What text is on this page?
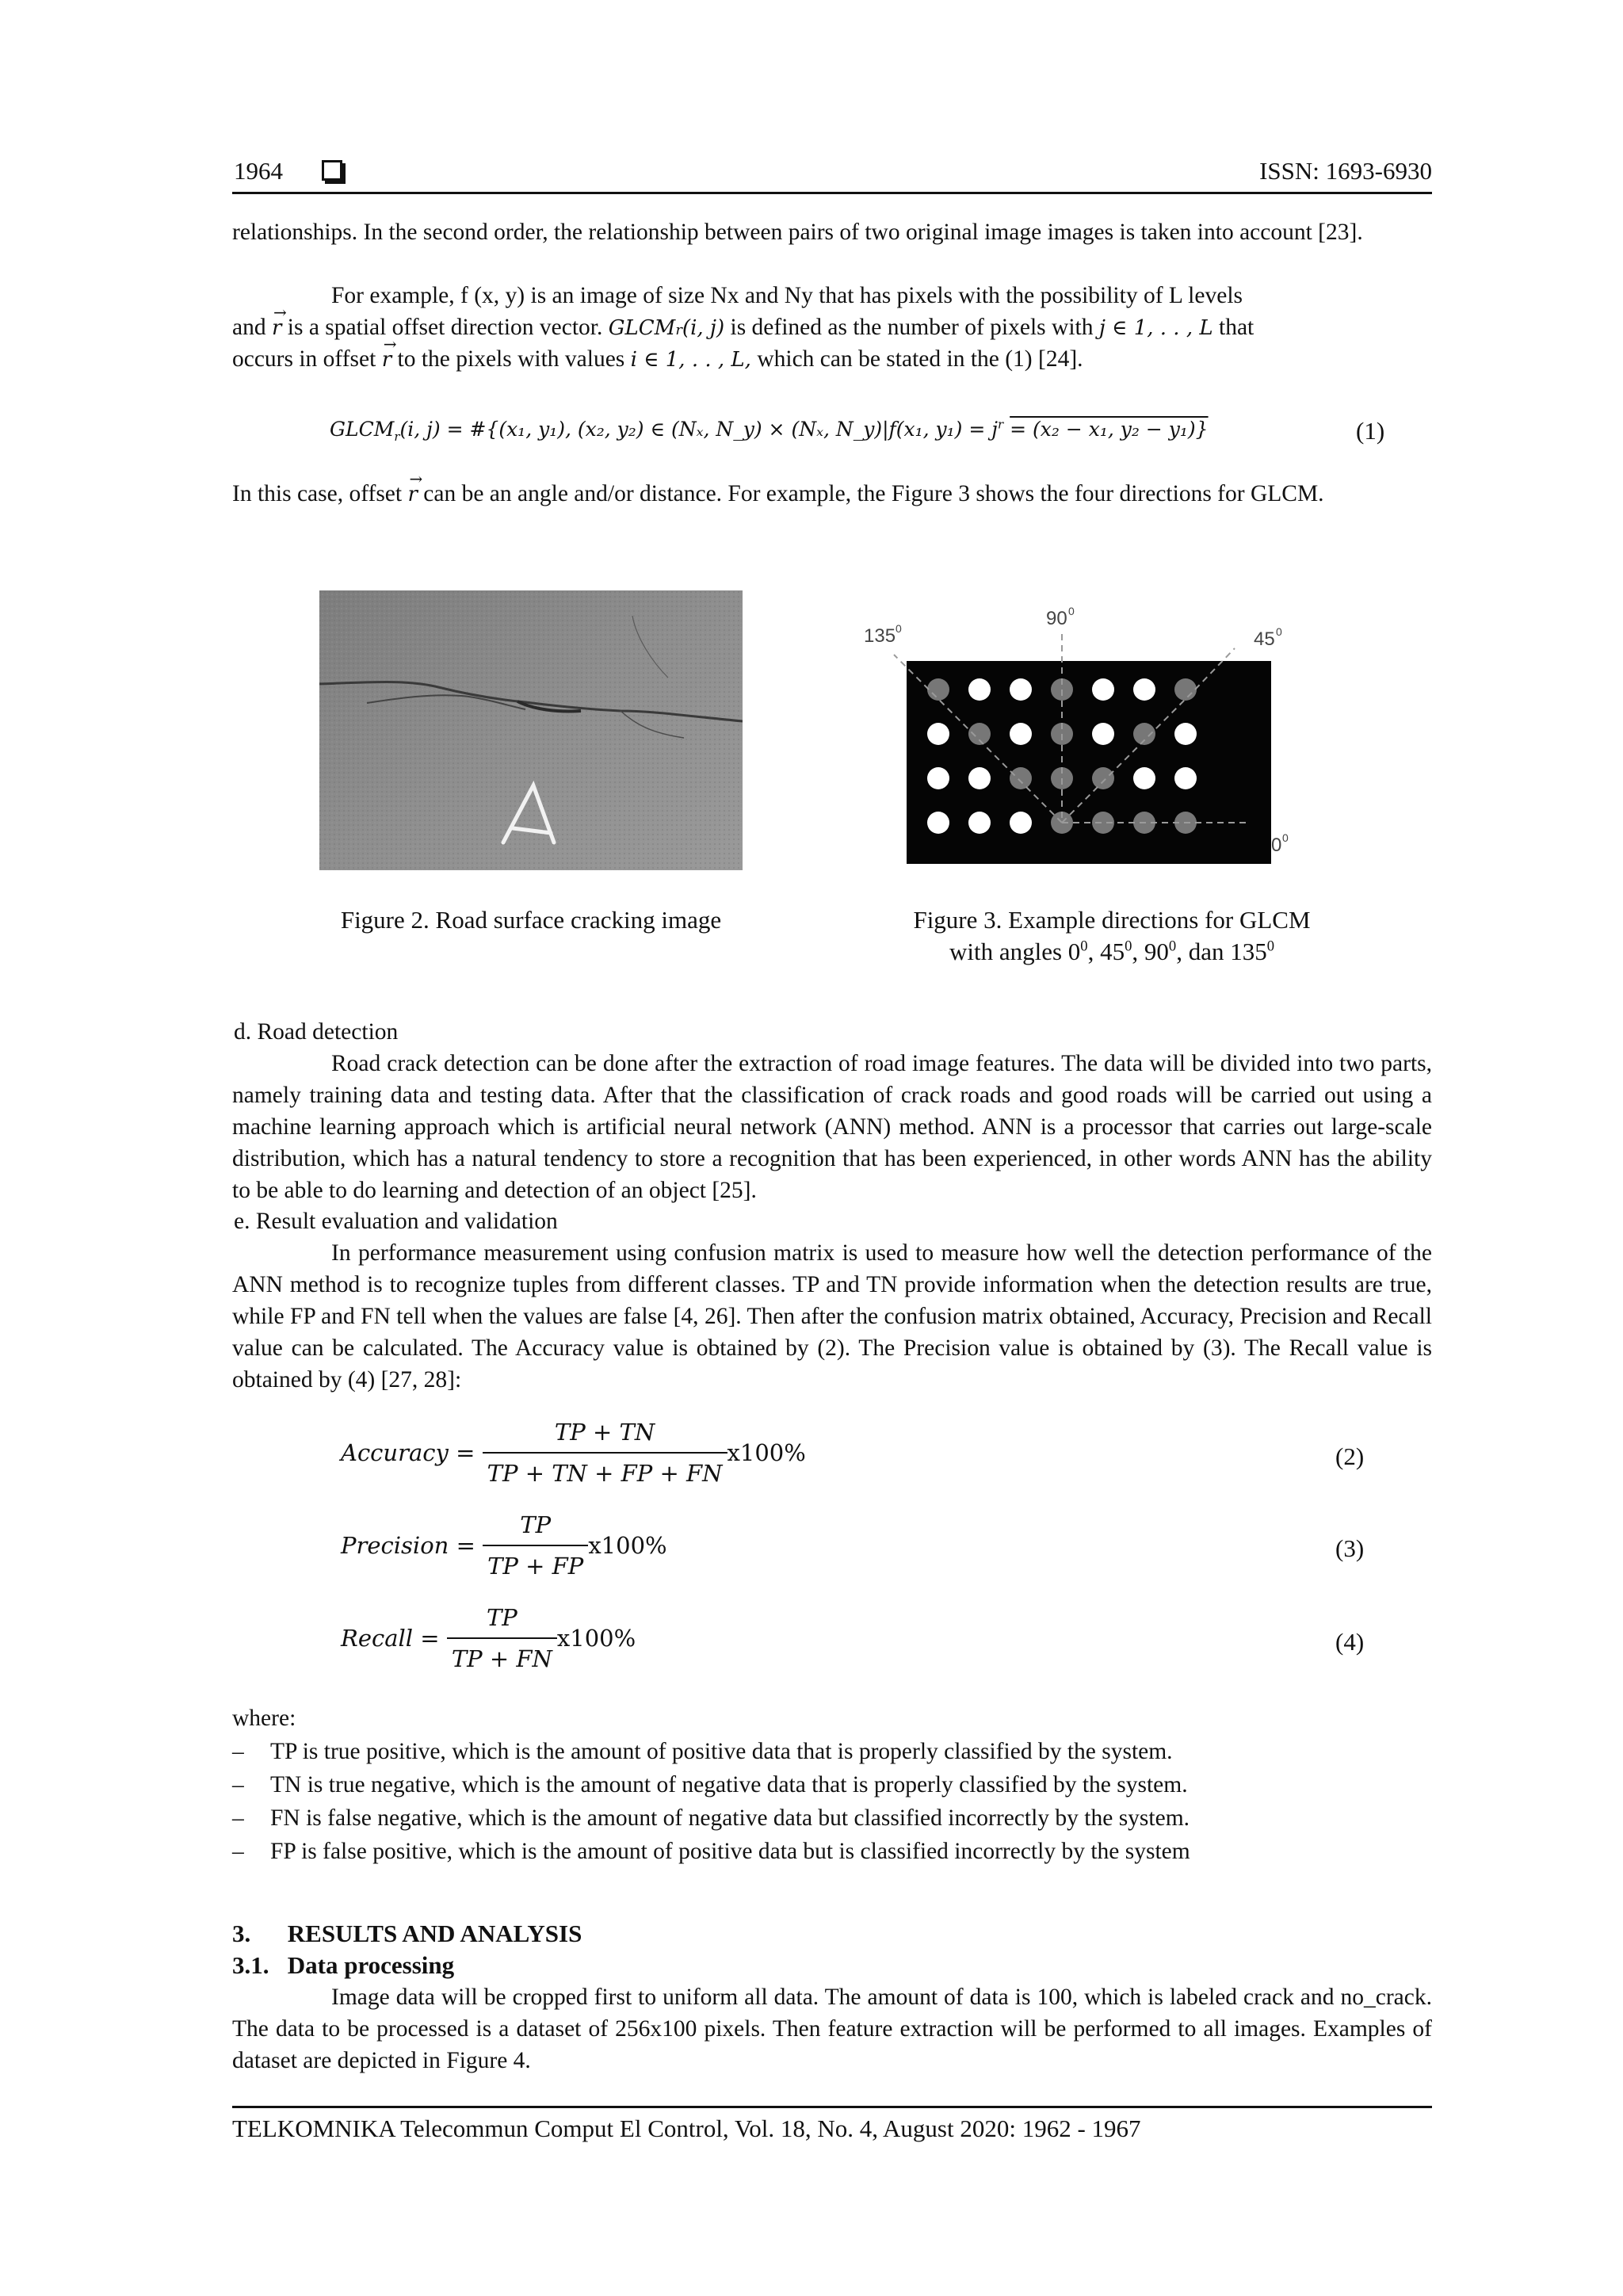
1964	ISSN: 1693-6930
relationships. In the second order, the relationship between pairs of two original image images is taken into account [23].
For example, f (x, y) is an image of size Nx and Ny that has pixels with the possibility of L levels
and r → is a spatial offset direction vector. GLCMr(i, j) is defined as the number of pixels with j ∈ 1, . . , L that
occurs in offset r → to the pixels with values i ∈ 1, . . , L, which can be stated in the (1) [24].
$GLCM_r(i$, j) = #{(x₁, y₁), (x₂, y₂) ∈ (Nₓ, N_y) × (Nₓ, N_y)|f(x₁, $y_1) = j^r = (x_2 - x_1$, y₂ − y₁)}	(1)
In this case, offset r → can be an angle and/or distance. For example, the Figure 3 shows the four directions for GLCM.
Figure 2. Road surface cracking image
90 0
135 0	45 0
0 0
Figure 3. Example directions for GLCM
with angles $0^0$, $45^0$, $90^0$, dan $135^0$
d. Road detection
Road crack detection can be done after the extraction of road image features. The data will be divided into two parts, namely training data and testing data. After that the classification of crack roads and good roads will be carried out using a machine learning approach which is artificial neural network (ANN) method. ANN is a processor that carries out large-scale distribution, which has a natural tendency to store a recognition that has been experienced, in other words ANN has the ability to be able to do learning and detection of an object [25].
e. Result evaluation and validation
In performance measurement using confusion matrix is used to measure how well the detection performance of the ANN method is to recognize tuples from different classes. TP and TN provide information when the detection results are true, while FP and FN tell when the values are false [4, 26]. Then after the confusion matrix obtained, Accuracy, Precision and Recall value can be calculated. The Accuracy value is obtained by (2). The Precision value is obtained by (3). The Recall value is obtained by (4) [27, 28]:
Accuracy = $\frac{TP + TN}{TP + TN + FP + FN} x100\%$	(2)
Precision = $\frac{TP}{TP + FP} x100\%$	(3)
Recall = $\frac{TP}{TP + FN} x100\%$	(4)
where:
– TP is true positive, which is the amount of positive data that is properly classified by the system.
– TN is true negative, which is the amount of negative data that is properly classified by the system.
– FN is false negative, which is the amount of negative data but classified incorrectly by the system.
– FP is false positive, which is the amount of positive data but is classified incorrectly by the system
3.      RESULTS AND ANALYSIS
3.1.   Data processing
Image data will be cropped first to uniform all data. The amount of data is 100, which is labeled crack and no_crack. The data to be processed is a dataset of 256x100 pixels. Then feature extraction will be performed to all images. Examples of dataset are depicted in Figure 4.
TELKOMNIKA Telecommun Comput El Control, Vol. 18, No. 4, August 2020: 1962 - 1967
